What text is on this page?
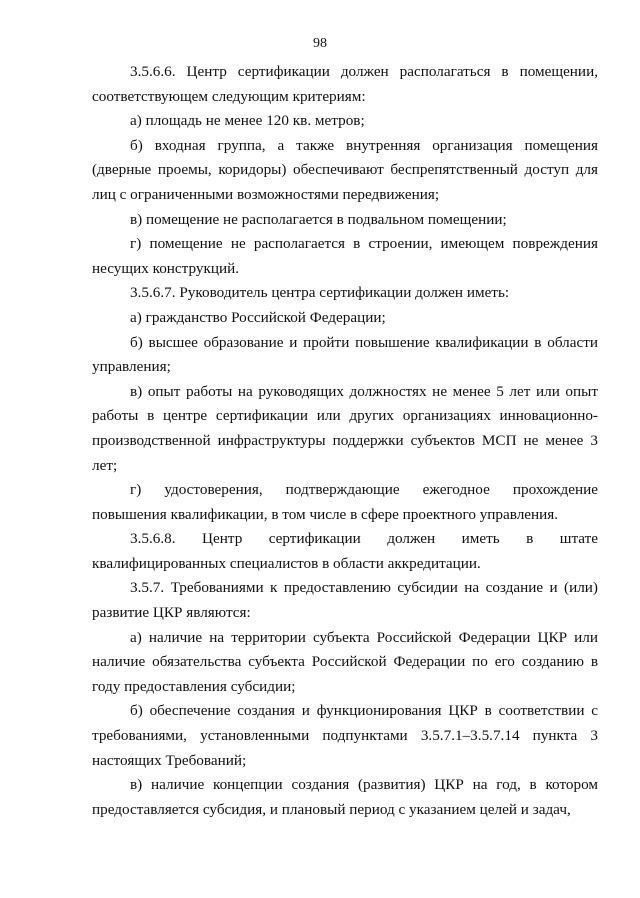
98

3.5.6.6. Центр сертификации должен располагаться в помещении, соответствующем следующим критериям:

а) площадь не менее 120 кв. метров;

б) входная группа, а также внутренняя организация помещения (дверные проемы, коридоры) обеспечивают беспрепятственный доступ для лиц с ограниченными возможностями передвижения;

в) помещение не располагается в подвальном помещении;

г) помещение не располагается в строении, имеющем повреждения несущих конструкций.

3.5.6.7. Руководитель центра сертификации должен иметь:

а) гражданство Российской Федерации;

б) высшее образование и пройти повышение квалификации в области управления;

в) опыт работы на руководящих должностях не менее 5 лет или опыт работы в центре сертификации или других организациях инновационно-производственной инфраструктуры поддержки субъектов МСП не менее 3 лет;

г) удостоверения, подтверждающие ежегодное прохождение повышения квалификации, в том числе в сфере проектного управления.

3.5.6.8. Центр сертификации должен иметь в штате квалифицированных специалистов в области аккредитации.

3.5.7. Требованиями к предоставлению субсидии на создание и (или) развитие ЦКР являются:

а) наличие на территории субъекта Российской Федерации ЦКР или наличие обязательства субъекта Российской Федерации по его созданию в году предоставления субсидии;

б) обеспечение создания и функционирования ЦКР в соответствии с требованиями, установленными подпунктами 3.5.7.1–3.5.7.14 пункта 3 настоящих Требований;

в) наличие концепции создания (развития) ЦКР на год, в котором предоставляется субсидия, и плановый период с указанием целей и задач,
